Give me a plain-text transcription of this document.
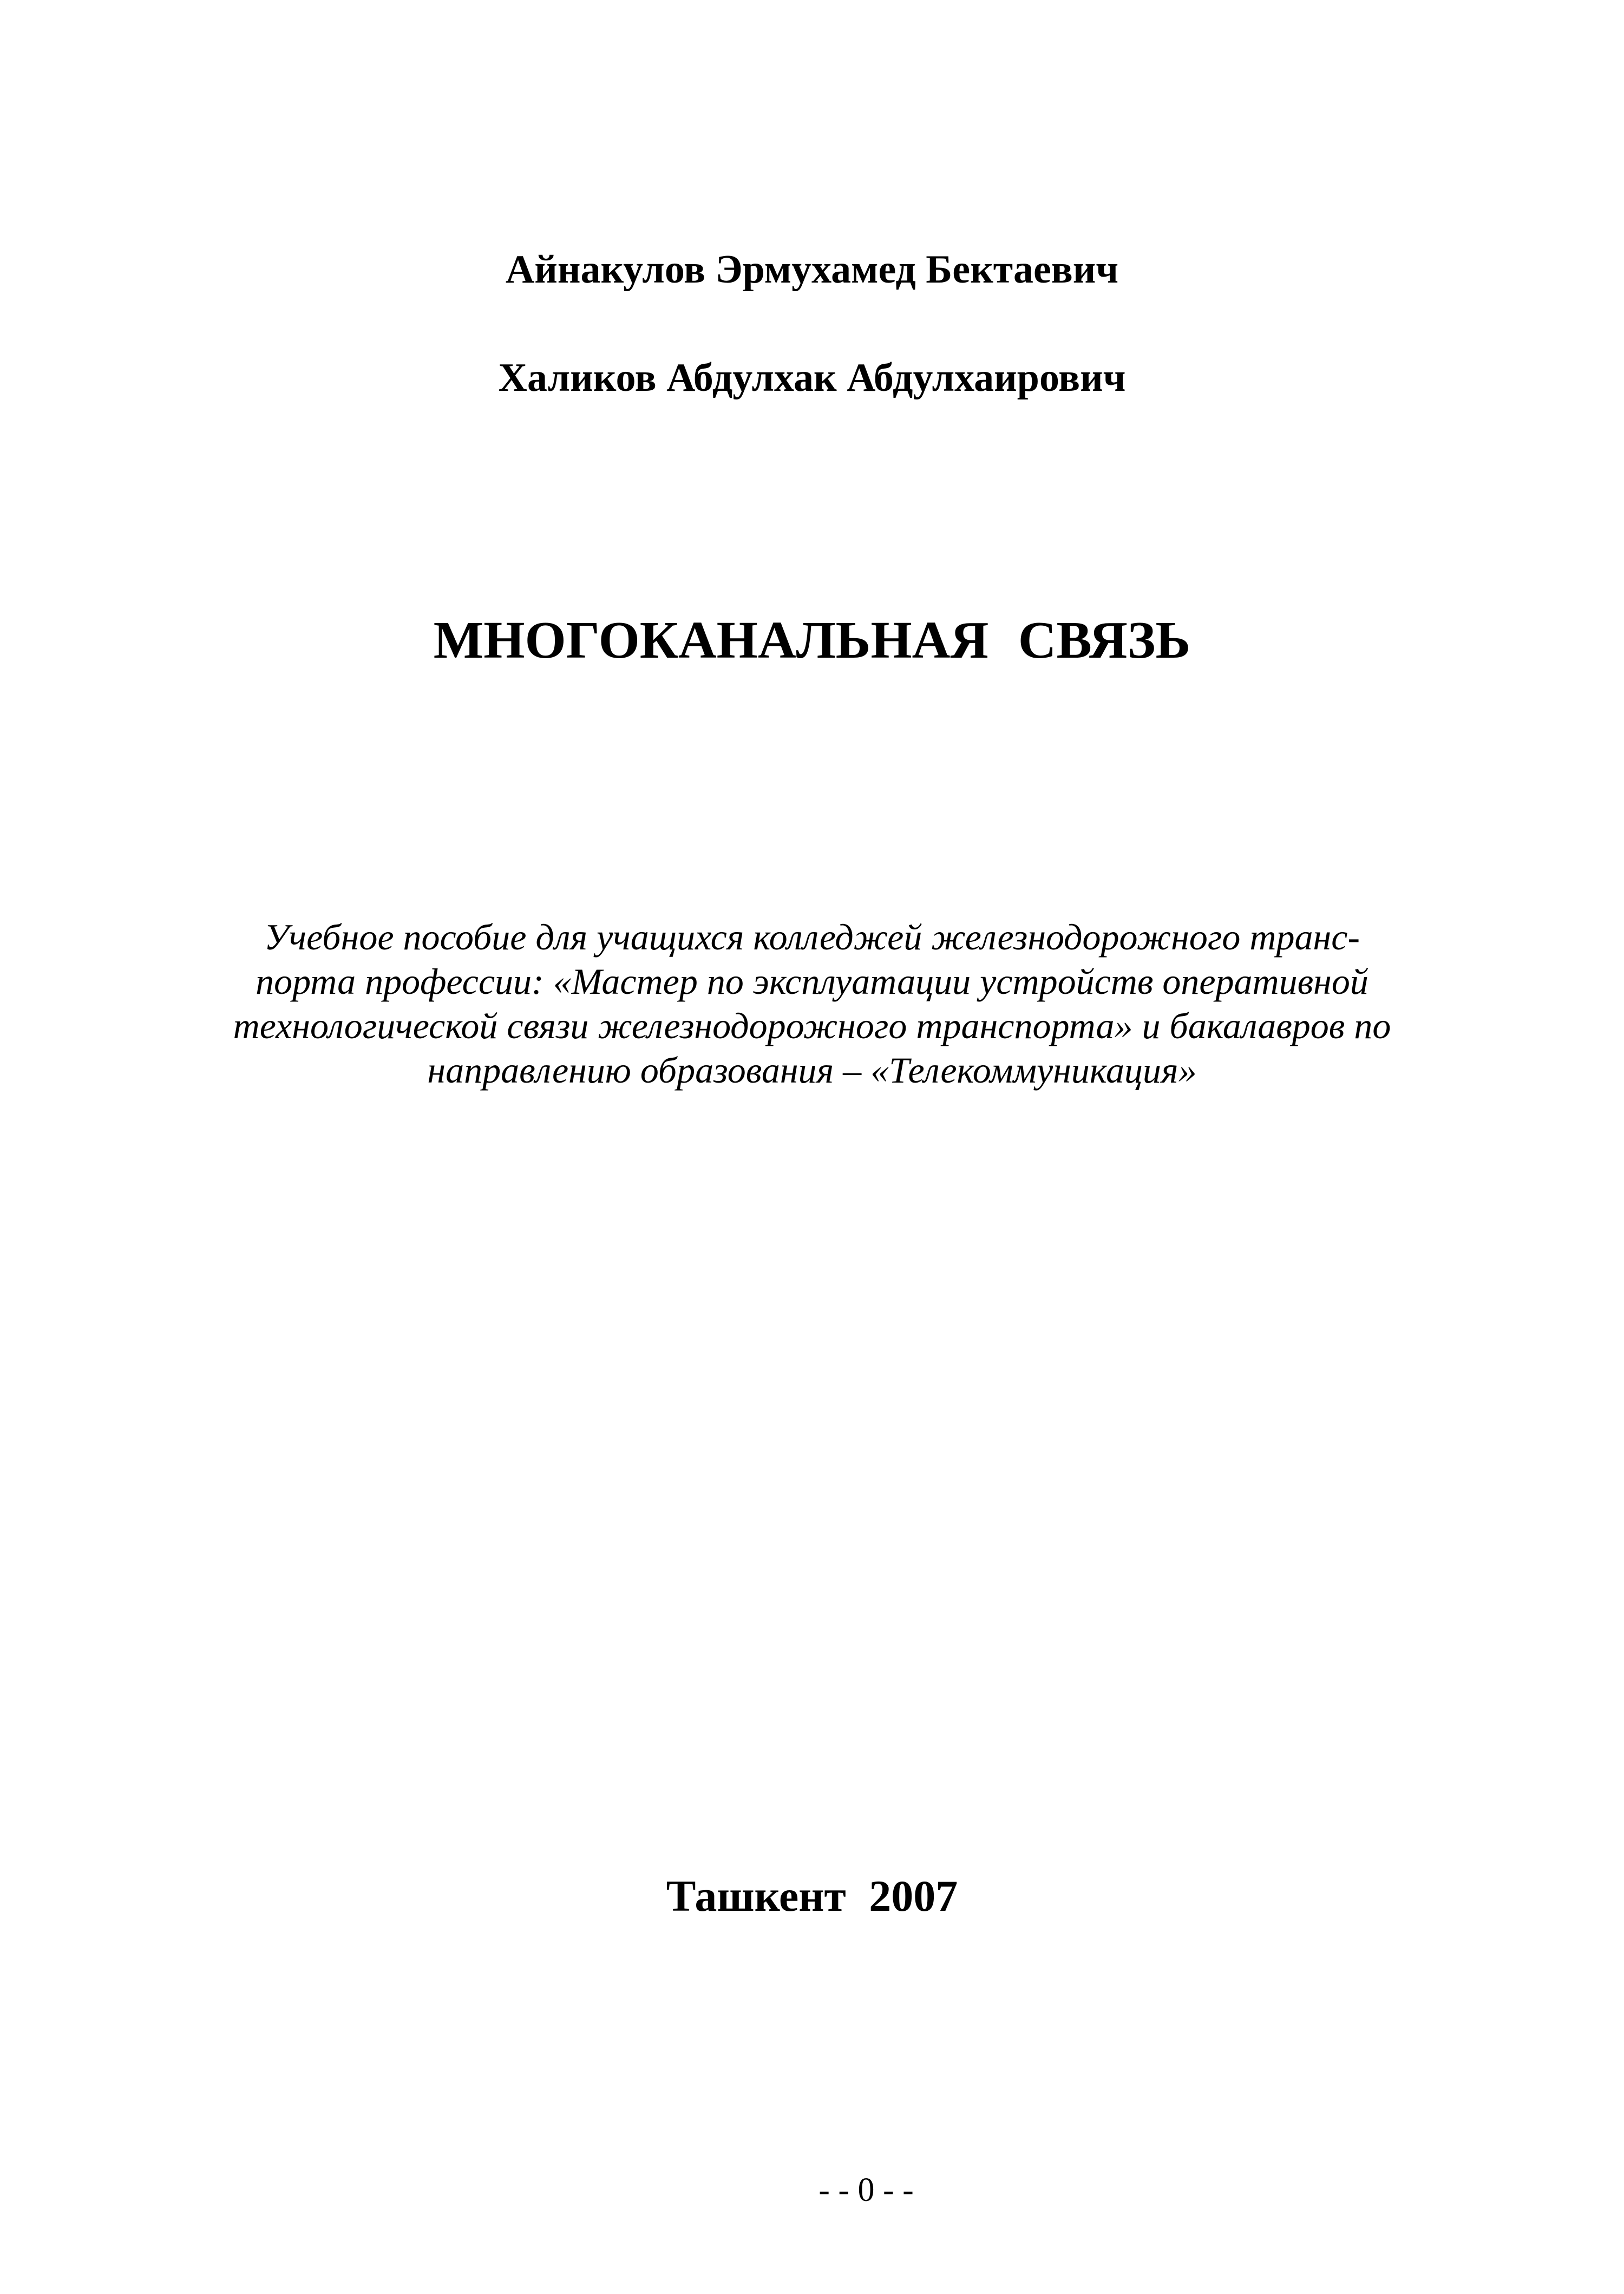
Айнакулов Эрмухамед Бектаевич
Халиков Абдулхак Абдулхаирович
МНОГОКАНАЛЬНАЯ СВЯЗЬ
Учебное пособие для учащихся колледжей железнодорожного транс-
порта профессии: «Мастер по эксплуатации устройств оперативной
технологической связи железнодорожного транспорта» и бакалавров по
направлению образования – «Телекоммуникация»
Ташкент 2007
- - 0 - -
